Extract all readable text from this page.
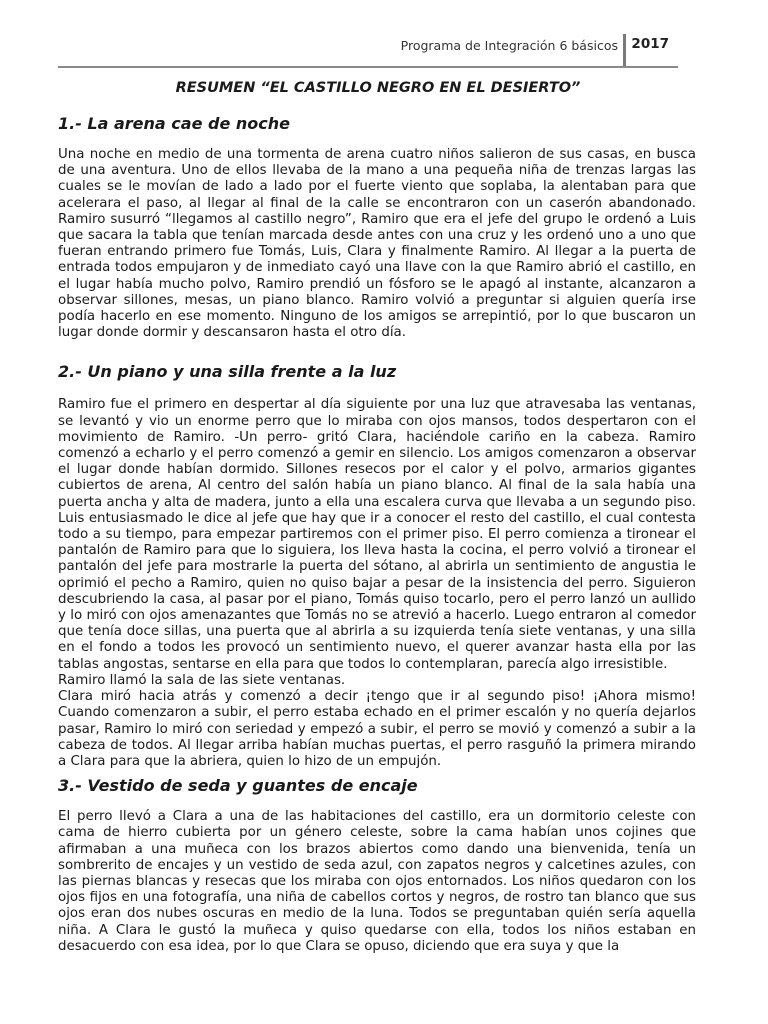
Programa de Integración 6 básicos 2017
RESUMEN “EL CASTILLO NEGRO EN EL DESIERTO”
1.- La arena cae de noche

Una noche en medio de una tormenta de arena cuatro niños salieron de sus casas, en busca de una aventura. Uno de ellos llevaba de la mano a una pequeña niña de trenzas largas las cuales se le movían de lado a lado por el fuerte viento que soplaba, la alentaban para que acelerara el paso, al llegar al final de la calle se encontraron con un caserón abandonado. Ramiro susurró “llegamos al castillo negro”, Ramiro que era el jefe del grupo le ordenó a Luis que sacara la tabla que tenían marcada desde antes con una cruz y les ordenó uno a uno que fueran entrando primero fue Tomás, Luis, Clara y finalmente Ramiro. Al llegar a la puerta de entrada todos empujaron y de inmediato cayó una llave con la que Ramiro abrió el castillo, en el lugar había mucho polvo, Ramiro prendió un fósforo se le apagó al instante, alcanzaron a observar sillones, mesas, un piano blanco. Ramiro volvió a preguntar si alguien quería irse podía hacerlo en ese momento. Ninguno de los amigos se arrepintió, por lo que buscaron un lugar donde dormir y descansaron hasta el otro día.

2.- Un piano y una silla frente a la luz

Ramiro fue el primero en despertar al día siguiente por una luz que atravesaba las ventanas, se levantó y vio un enorme perro que lo miraba con ojos mansos, todos despertaron con el movimiento de Ramiro. -Un perro- gritó Clara, haciéndole cariño en la cabeza. Ramiro comenzó a echarlo y el perro comenzó a gemir en silencio. Los amigos comenzaron a observar el lugar donde habían dormido. Sillones resecos por el calor y el polvo, armarios gigantes cubiertos de arena, Al centro del salón había un piano blanco. Al final de la sala había una puerta ancha y alta de madera, junto a ella una escalera curva que llevaba a un segundo piso. Luis entusiasmado le dice al jefe que hay que ir a conocer el resto del castillo, el cual contesta todo a su tiempo, para empezar partiremos con el primer piso. El perro comienza a tironear el pantalón de Ramiro para que lo siguiera, los lleva hasta la cocina, el perro volvió a tironear el pantalón del jefe para mostrarle la puerta del sótano, al abrirla un sentimiento de angustia le oprimió el pecho a Ramiro, quien no quiso bajar a pesar de la insistencia del perro. Siguieron descubriendo la casa, al pasar por el piano, Tomás quiso tocarlo, pero el perro lanzó un aullido y lo miró con ojos amenazantes que Tomás no se atrevió a hacerlo. Luego entraron al comedor que tenía doce sillas, una puerta que al abrirla a su izquierda tenía siete ventanas, y una silla en el fondo a todos les provocó un sentimiento nuevo, el querer avanzar hasta ella por las tablas angostas, sentarse en ella para que todos lo contemplaran, parecía algo irresistible.

Ramiro llamó la sala de las siete ventanas.

Clara miró hacia atrás y comenzó a decir ¡tengo que ir al segundo piso! ¡Ahora mismo! Cuando comenzaron a subir, el perro estaba echado en el primer escalón y no quería dejarlos pasar, Ramiro lo miró con seriedad y empezó a subir, el perro se movió y comenzó a subir a la cabeza de todos. Al llegar arriba habían muchas puertas, el perro rasguñó la primera mirando a Clara para que la abriera, quien lo hizo de un empujón.

3.- Vestido de seda y guantes de encaje

El perro llevó a Clara a una de las habitaciones del castillo, era un dormitorio celeste con cama de hierro cubierta por un género celeste, sobre la cama habían unos cojines que afirmaban a una muñeca con los brazos abiertos como dando una bienvenida, tenía un sombrerito de encajes y un vestido de seda azul, con zapatos negros y calcetines azules, con las piernas blancas y resecas que los miraba con ojos entornados. Los niños quedaron con los ojos fijos en una fotografía, una niña de cabellos cortos y negros, de rostro tan blanco que sus ojos eran dos nubes oscuras en medio de la luna. Todos se preguntaban quién sería aquella niña. A Clara le gustó la muñeca y quiso quedarse con ella, todos los niños estaban en desacuerdo con esa idea, por lo que Clara se opuso, diciendo que era suya y que la
